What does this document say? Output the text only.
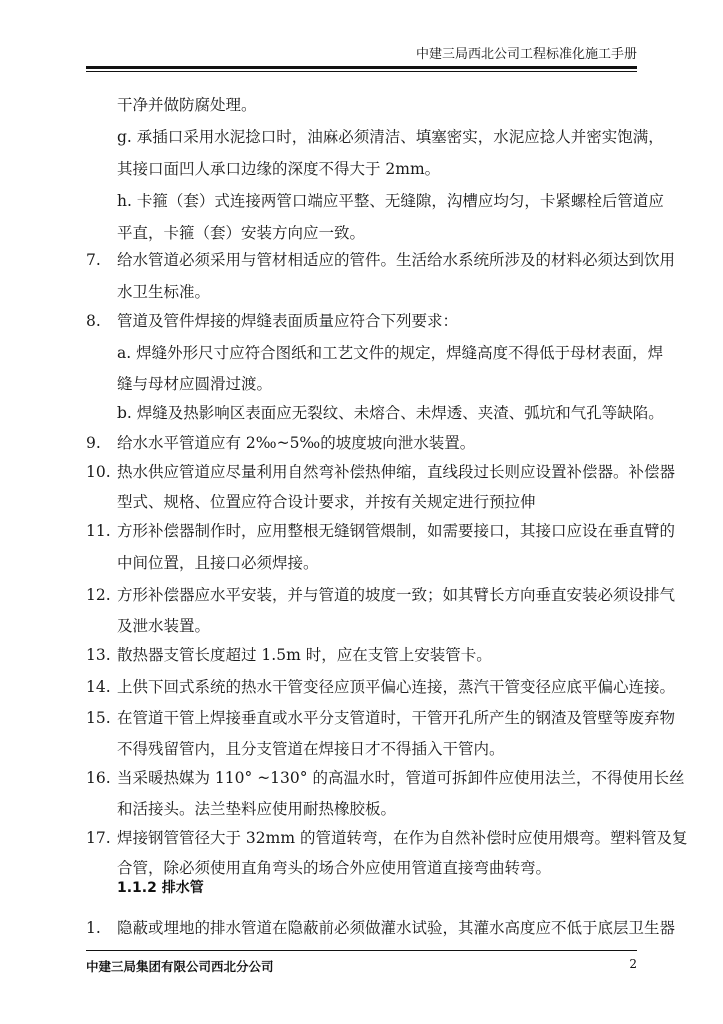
中建三局西北公司工程标准化施工手册
干净并做防腐处理。
g. 承插口采用水泥捻口时，油麻必须清洁、填塞密实，水泥应捻人并密实饱满，
其接口面凹人承口边缘的深度不得大于 2mm。
h. 卡箍（套）式连接两管口端应平整、无缝隙，沟槽应均匀，卡紧螺栓后管道应
平直，卡箍（套）安装方向应一致。
7. 给水管道必须采用与管材相适应的管件。生活给水系统所涉及的材料必须达到饮用
水卫生标准。
8. 管道及管件焊接的焊缝表面质量应符合下列要求：
a. 焊缝外形尺寸应符合图纸和工艺文件的规定，焊缝高度不得低于母材表面，焊
缝与母材应圆滑过渡。
b. 焊缝及热影响区表面应无裂纹、未熔合、未焊透、夹渣、弧坑和气孔等缺陷。
9. 给水水平管道应有 2‰~5‰的坡度坡向泄水装置。
10. 热水供应管道应尽量利用自然弯补偿热伸缩，直线段过长则应设置补偿器。补偿器
型式、规格、位置应符合设计要求，并按有关规定进行预拉伸
11. 方形补偿器制作时，应用整根无缝钢管煨制，如需要接口，其接口应设在垂直臂的
中间位置，且接口必须焊接。
12. 方形补偿器应水平安装，并与管道的坡度一致；如其臂长方向垂直安装必须设排气
及泄水装置。
13. 散热器支管长度超过 1.5m 时，应在支管上安装管卡。
14. 上供下回式系统的热水干管变径应顶平偏心连接，蒸汽干管变径应底平偏心连接。
15. 在管道干管上焊接垂直或水平分支管道时，干管开孔所产生的钢渣及管壁等废弃物
不得残留管内，且分支管道在焊接日才不得插入干管内。
16. 当采暖热媒为 110° ~130° 的高温水时，管道可拆卸件应使用法兰，不得使用长丝
和活接头。法兰垫料应使用耐热橡胶板。
17. 焊接钢管管径大于 32mm 的管道转弯，在作为自然补偿时应使用煨弯。塑料管及复
合管，除必须使用直角弯头的场合外应使用管道直接弯曲转弯。
1.1.2 排水管
1. 隐蔽或埋地的排水管道在隐蔽前必须做灌水试验，其灌水高度应不低于底层卫生器
中建三局集团有限公司西北分公司	2
